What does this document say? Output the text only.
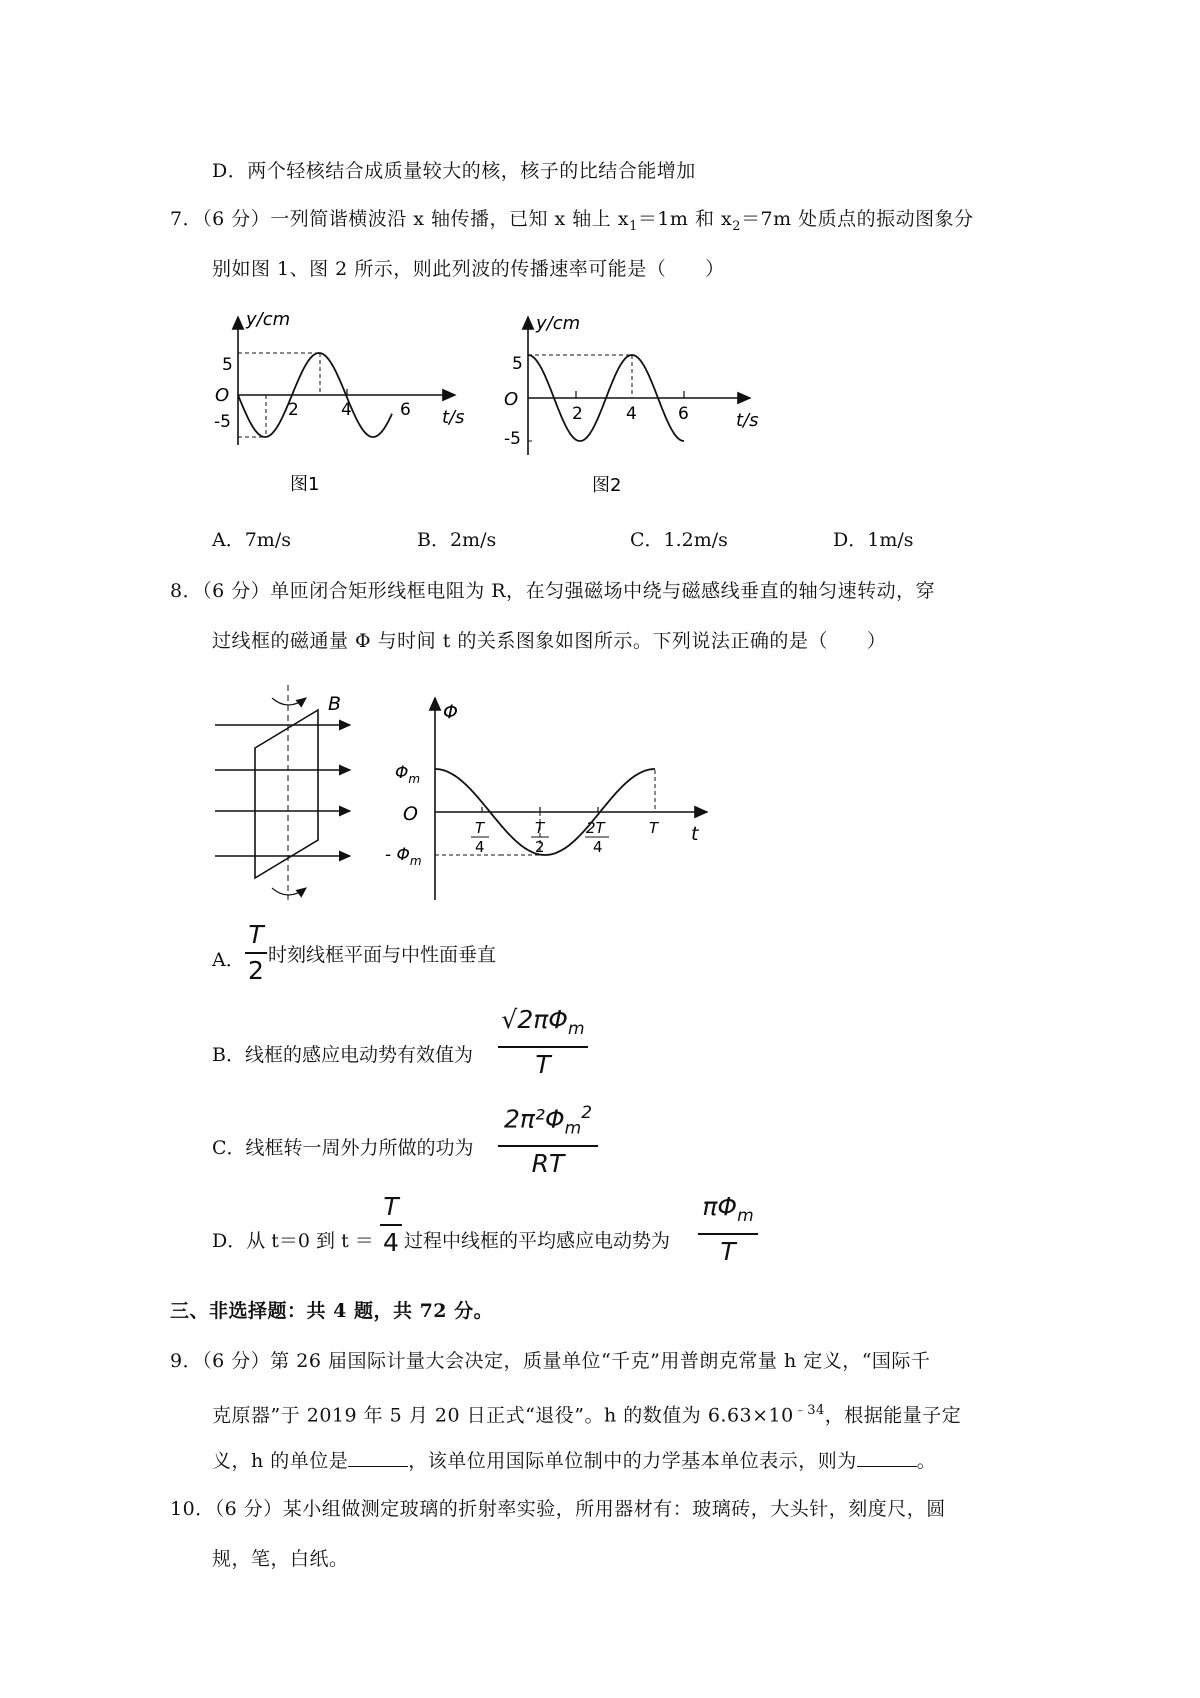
D．两个轻核结合成质量较大的核，核子的比结合能增加
7．（6 分）一列简谐横波沿 x 轴传播，已知 x 轴上 $x_1=1m$ 和 $x_2=7m$ 处质点的振动图象分
别如图 1、图 2 所示，则此列波的传播速率可能是（　　）
y/cm
O
5
-5	t/s
2 4	6
图1
y/cm
O
5
-5
t/s
2	4 6
图2
A．7m/s	B．2m/s	C．1.2m/s	D．1m/s
8．（6 分）单匝闭合矩形线框电阻为 R，在匀强磁场中绕与磁感线垂直的轴匀速转动，穿
过线框的磁通量 Φ 与时间 t 的关系图象如图所示。下列说法正确的是（　　）
B	Φ
O
t
$\Phi_m$
- $\Phi_m$
T
4
T
2
2T
4
T
A．
T
2
时刻线框平面与中性面垂直
B．线框的感应电动势有效值为
$√2\pi\Phi_m$
T
C．线框转一周外力所做的功为
$2\pi^2\Phi_m^2$
RT
D．从 t＝0 到 t ＝
T
4 过程中线框的平均感应电动势为
$\pi\Phi_m$
T
三、非选择题：共 4 题，共 72 分。
9．（6 分）第 26 届国际计量大会决定，质量单位“千克”用普朗克常量 h 定义，“国际千
克原器”于 2019 年 5 月 20 日正式“退役”。h 的数值为 $6.63\times 10^{﹣34}$，根据能量子定
义，h 的单位是	，该单位用国际单位制中的力学基本单位表示，则为	。
10．（6 分）某小组做测定玻璃的折射率实验，所用器材有：玻璃砖，大头针，刻度尺，圆
规，笔，白纸。
